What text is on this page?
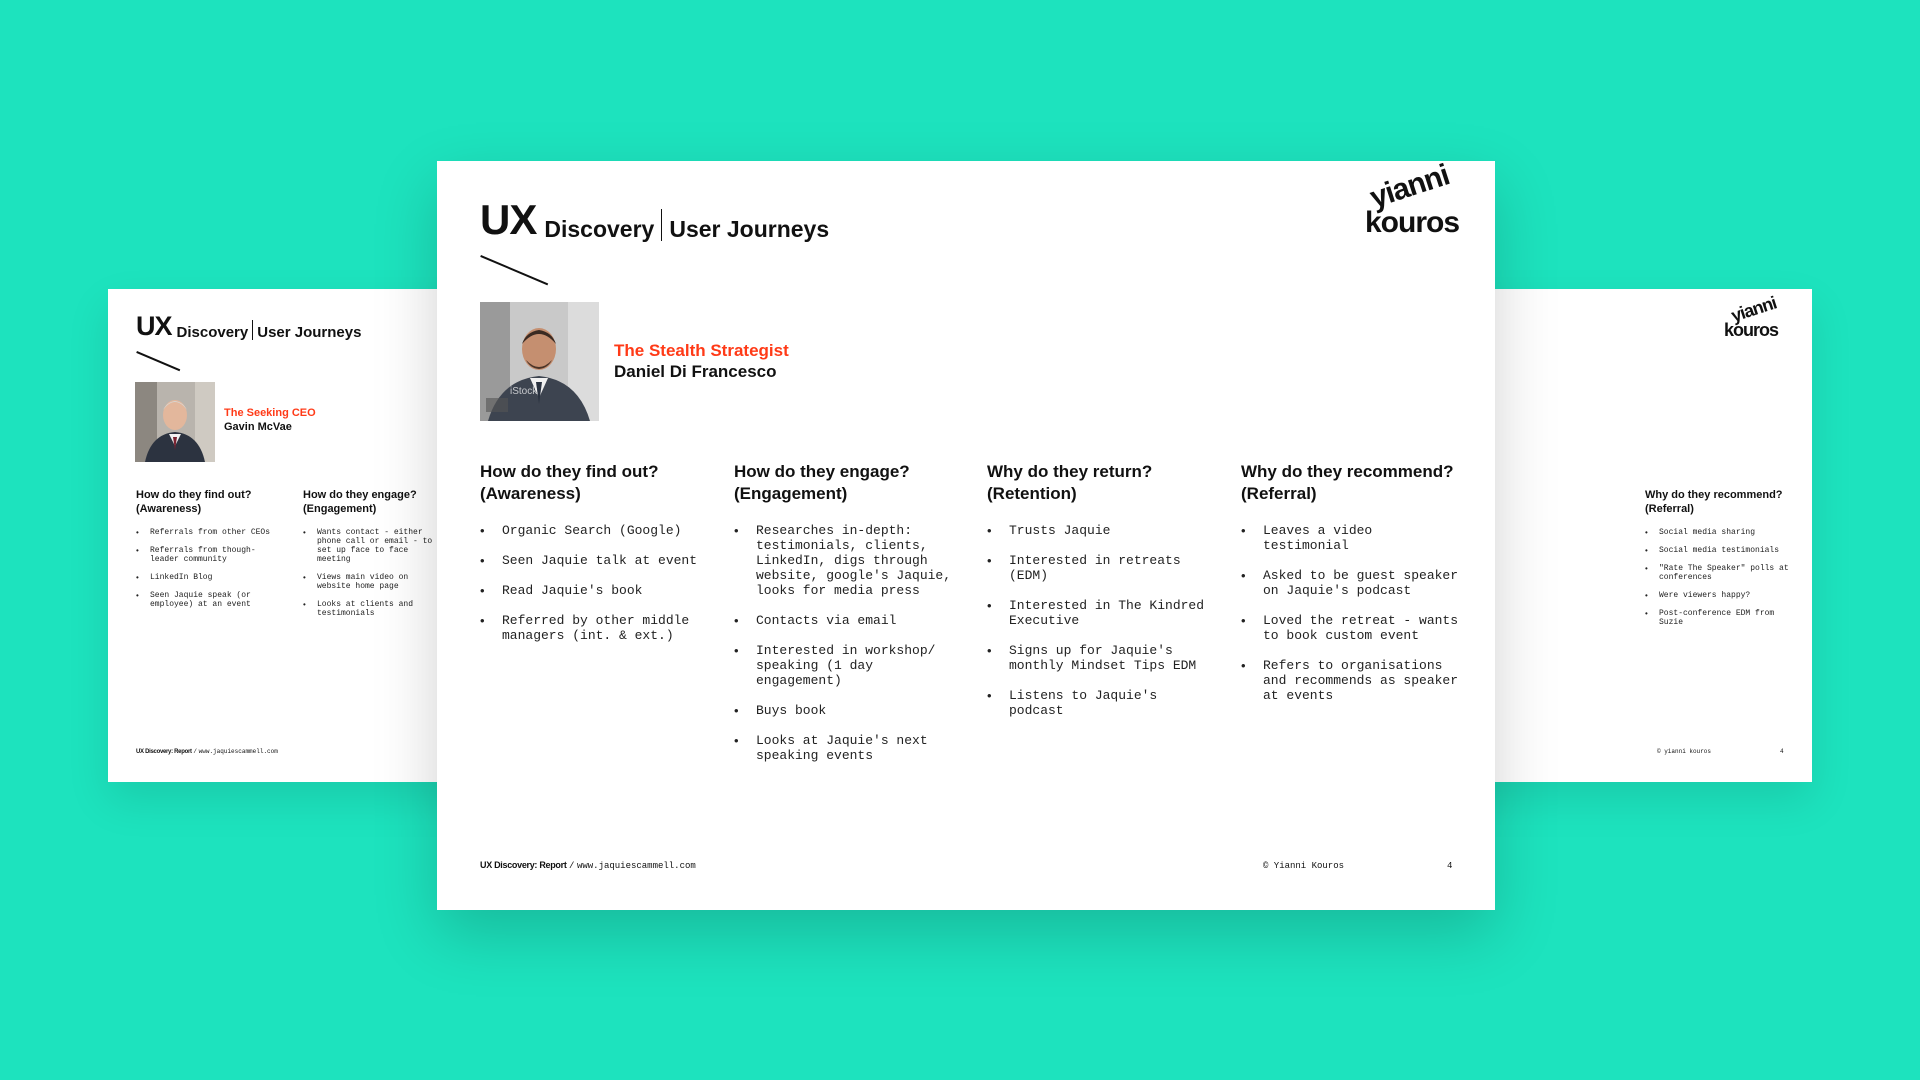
UX Discovery User Journeys
The Seeking CEO
Gavin McVae
How do they find out? (Awareness)
• Referrals from other CEOs
• Referrals from though-leader community
• LinkedIn Blog
• Seen Jaquie speak (or employee) at an event
How do they engage? (Engagement)
• Wants contact - either phone call or email - to set up face to face meeting
• Views main video on website home page
• Looks at clients and testimonials
UX Discovery: Report / www.jaquiescammell.com
yianni
kouros
•
Why do they recommend? (Referral)
• Social media sharing
• Social media testimonials
• "Rate The Speaker" polls at conferences
• Were viewers happy?
• Post-conference EDM from Suzie
© yianni kouros	4
UX Discovery User Journeys
yianni
kouros
iStock
The Stealth Strategist
Daniel Di Francesco
How do they find out? (Awareness)
• Organic Search (Google)
• Seen Jaquie talk at event
• Read Jaquie's book
• Referred by other middle managers (int. & ext.)
How do they engage? (Engagement)
• Researches in-depth: testimonials, clients, LinkedIn, digs through website, google's Jaquie, looks for media press
• Contacts via email
• Interested in workshop/ speaking (1 day engagement)
• Buys book
• Looks at Jaquie's next speaking events
Why do they return? (Retention)
• Trusts Jaquie
• Interested in retreats (EDM)
• Interested in The Kindred Executive
• Signs up for Jaquie's monthly Mindset Tips EDM
• Listens to Jaquie's podcast
Why do they recommend? (Referral)
• Leaves a video testimonial
• Asked to be guest speaker on Jaquie's podcast
• Loved the retreat - wants to book custom event
• Refers to organisations and recommends as speaker at events
UX Discovery: Report / www.jaquiescammell.com	© Yianni Kouros	4
